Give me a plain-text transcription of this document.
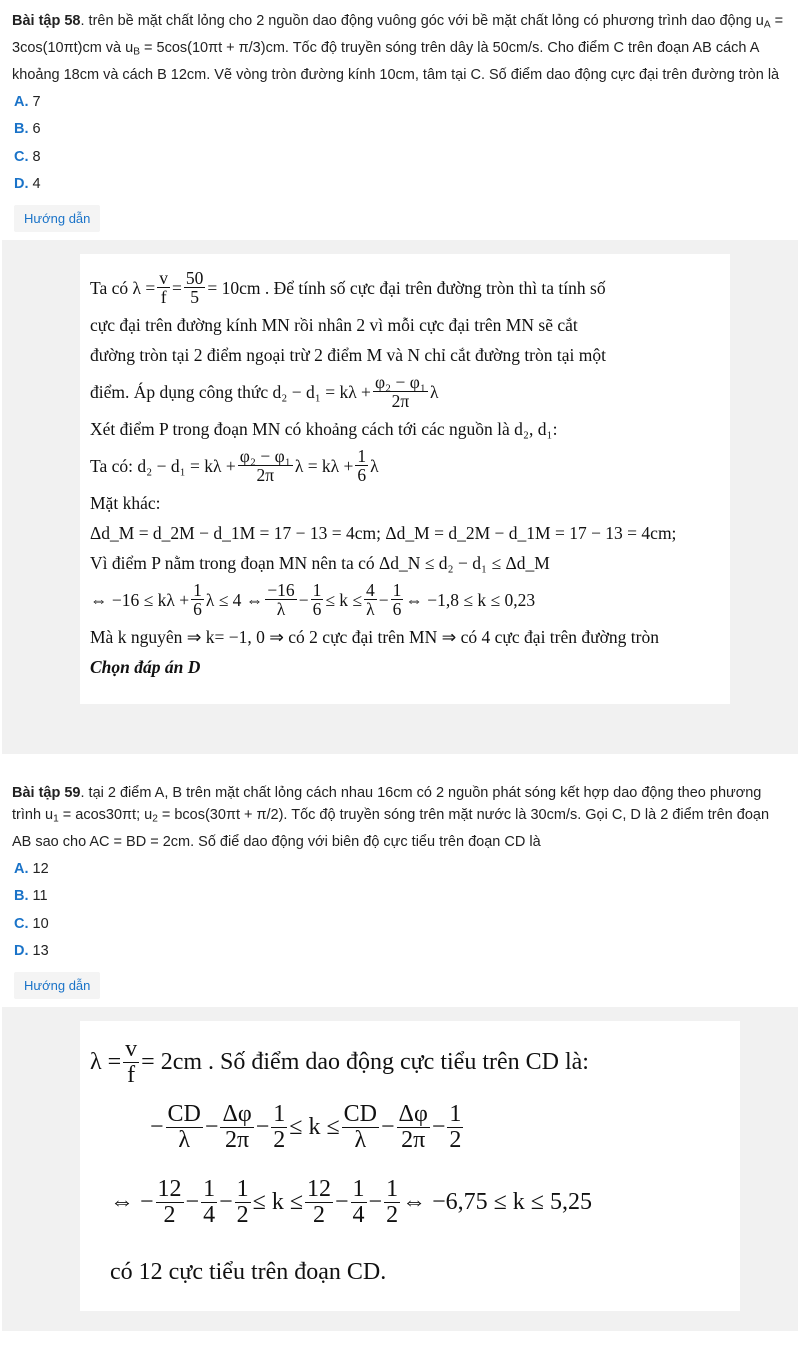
Bài tập 58. trên bề mặt chất lỏng cho 2 nguồn dao động vuông góc với bề mặt chất lỏng có phương trình dao động $u_A = 3\cos(10\pi t)cm$ và $u_B = 5\cos(10\pi t + \pi/3)cm$. Tốc độ truyền sóng trên dây là 50cm/s. Cho điểm C trên đoạn AB cách A khoảng 18cm và cách B 12cm. Vẽ vòng tròn đường kính 10cm, tâm tại C. Số điểm dao động cực đại trên đường tròn là
A. 7
B. 6
C. 8
D. 4
Hướng dẫn
Ta có $\lambda = \frac{v}{f} = \frac{50}{5} = 10cm$ . Để tính số cực đại trên đường tròn thì ta tính số
cực đại trên đường kính MN rồi nhân 2 vì mỗi cực đại trên MN sẽ cắt
đường tròn tại 2 điểm ngoại trừ 2 điểm M và N chỉ cắt đường tròn tại một
điểm. Áp dụng công thức $d_2 - d_1 = k\lambda + \frac{\text{φ₂ − φ₁}}{2\pi}$ λ
Xét điểm P trong đoạn MN có khoảng cách tới các nguồn là d₂, d₁:
Ta có: $d_2 - d_1 = k\lambda + \frac{\text{φ₂ − φ₁}}{2\pi}$ $\lambda = k\lambda + \frac{1}{6}$ λ
Mặt khác:
Δd_M = d_2M − d_1M = 17 − 13 = 4cm; Δd_M = d_2M − d_1M = 17 − 13 = 4cm;
Vì điểm P nằm trong đoạn MN nên ta có Δd_N ≤ d₂ − d₁ ≤ Δd_M
⇔ $-16 \le k\lambda + \frac{1}{6}$ λ ≤ 4 ⇔ $\frac{-16}{\lambda} - \frac{1}{6} \le k \le \frac{4}{\lambda} - \frac{1}{6}$ ⇔ −1,8 ≤ k ≤ 0,23
Mà k nguyên ⇒ k= −1, 0 ⇒ có 2 cực đại trên MN ⇒ có 4 cực đại trên đường tròn
Chọn đáp án D
Bài tập 59. tại 2 điểm A, B trên mặt chất lỏng cách nhau 16cm có 2 nguồn phát sóng kết hợp dao động theo phương trình $u_1 = acos30\pi t$; $u_2 = bcos(30\pi t + \pi/2)$. Tốc độ truyền sóng trên mặt nước là 30cm/s. Gọi C, D là 2 điểm trên đoạn AB sao cho AC = BD = 2cm. Số điể dao động với biên độ cực tiểu trên đoạn CD là
A. 12
B. 11
C. 10
D. 13
Hướng dẫn
$\lambda = \frac{v}{f} = 2cm$ . Số điểm dao động cực tiểu trên CD là:
− $\frac{CD}{\lambda} - \frac{\Delta\varphi}{2\pi} - \frac{1}{2} \le k \le \frac{CD}{\lambda} - \frac{\Delta\varphi}{2\pi} - \frac{1}{2}$
⇔ − $\frac{12}{2} - \frac{1}{4} - \frac{1}{2} \le k \le \frac{12}{2} - \frac{1}{4} - \frac{1}{2}$ ⇔ −6,75 ≤ k ≤ 5,25
có 12 cực tiểu trên đoạn CD.
